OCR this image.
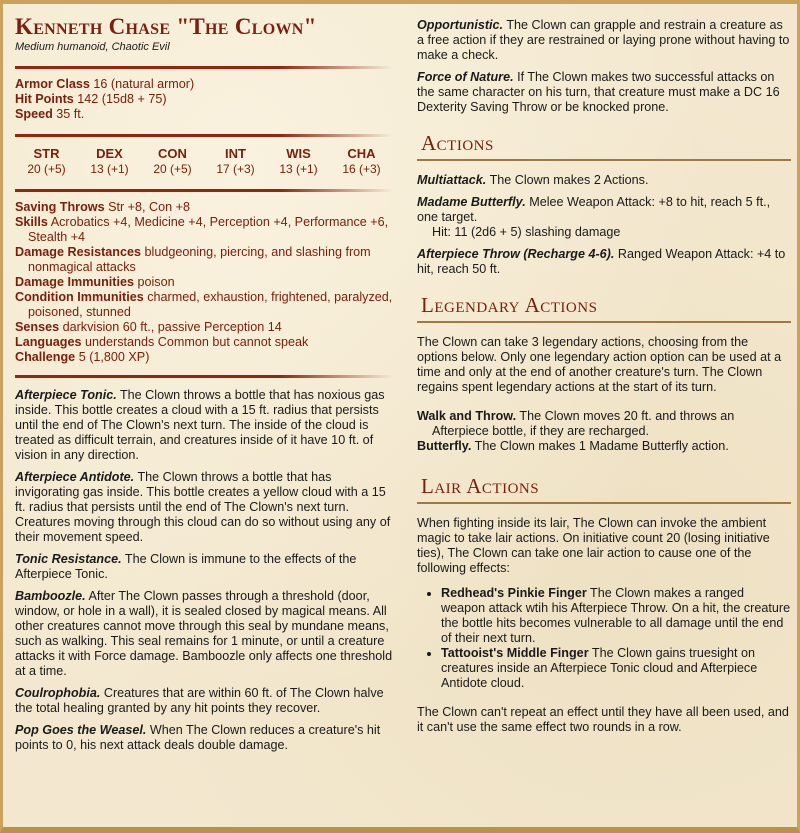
Kenneth Chase "The Clown"
Medium humanoid, Chaotic Evil
Armor Class 16 (natural armor)
Hit Points 142 (15d8 + 75)
Speed 35 ft.
STR
20 (+5)
DEX
13 (+1)
CON
20 (+5)
INT
17 (+3)
WIS
13 (+1)
CHA
16 (+3)
Saving Throws Str +8, Con +8
Skills Acrobatics +4, Medicine +4, Perception +4, Performance +6, Stealth +4
Damage Resistances bludgeoning, piercing, and slashing from nonmagical attacks
Damage Immunities poison
Condition Immunities charmed, exhaustion, frightened, paralyzed, poisoned, stunned
Senses darkvision 60 ft., passive Perception 14
Languages understands Common but cannot speak
Challenge 5 (1,800 XP)

Afterpiece Tonic. The Clown throws a bottle that has noxious gas inside. This bottle creates a cloud with a 15 ft. radius that persists until the end of The Clown's next turn. The inside of the cloud is treated as difficult terrain, and creatures inside of it have 10 ft. of vision in any direction.

Afterpiece Antidote. The Clown throws a bottle that has invigorating gas inside. This bottle creates a yellow cloud with a 15 ft. radius that persists until the end of The Clown's next turn. Creatures moving through this cloud can do so without using any of their movement speed.

Tonic Resistance. The Clown is immune to the effects of the Afterpiece Tonic.

Bamboozle. After The Clown passes through a threshold (door, window, or hole in a wall), it is sealed closed by magical means. All other creatures cannot move through this seal by mundane means, such as walking. This seal remains for 1 minute, or until a creature attacks it with Force damage. Bamboozle only affects one threshold at a time.

Coulrophobia. Creatures that are within 60 ft. of The Clown halve the total healing granted by any hit points they recover.

Pop Goes the Weasel. When The Clown reduces a creature's hit points to 0, his next attack deals double damage.

Opportunistic. The Clown can grapple and restrain a creature as a free action if they are restrained or laying prone without having to make a check.

Force of Nature. If The Clown makes two successful attacks on the same character on his turn, that creature must make a DC 16 Dexterity Saving Throw or be knocked prone.

Actions

Multiattack. The Clown makes 2 Actions.

Madame Butterfly. Melee Weapon Attack: +8 to hit, reach 5 ft., one target.

Hit: 11 (2d6 + 5) slashing damage

Afterpiece Throw (Recharge 4-6). Ranged Weapon Attack: +4 to hit, reach 50 ft.

Legendary Actions

The Clown can take 3 legendary actions, choosing from the options below. Only one legendary action option can be used at a time and only at the end of another creature's turn. The Clown regains spent legendary actions at the start of its turn.

Walk and Throw. The Clown moves 20 ft. and throws an Afterpiece bottle, if they are recharged.
Butterfly. The Clown makes 1 Madame Butterfly action.
Lair Actions

When fighting inside its lair, The Clown can invoke the ambient magic to take lair actions. On initiative count 20 (losing initiative ties), The Clown can take one lair action to cause one of the following effects:

• Redhead's Pinkie Finger The Clown makes a ranged weapon attack wtih his Afterpiece Throw. On a hit, the creature the bottle hits becomes vulnerable to all damage until the end of their next turn.
• Tattooist's Middle Finger The Clown gains truesight on creatures inside an Afterpiece Tonic cloud and Afterpiece Antidote cloud.

The Clown can't repeat an effect until they have all been used, and it can't use the same effect two rounds in a row.
